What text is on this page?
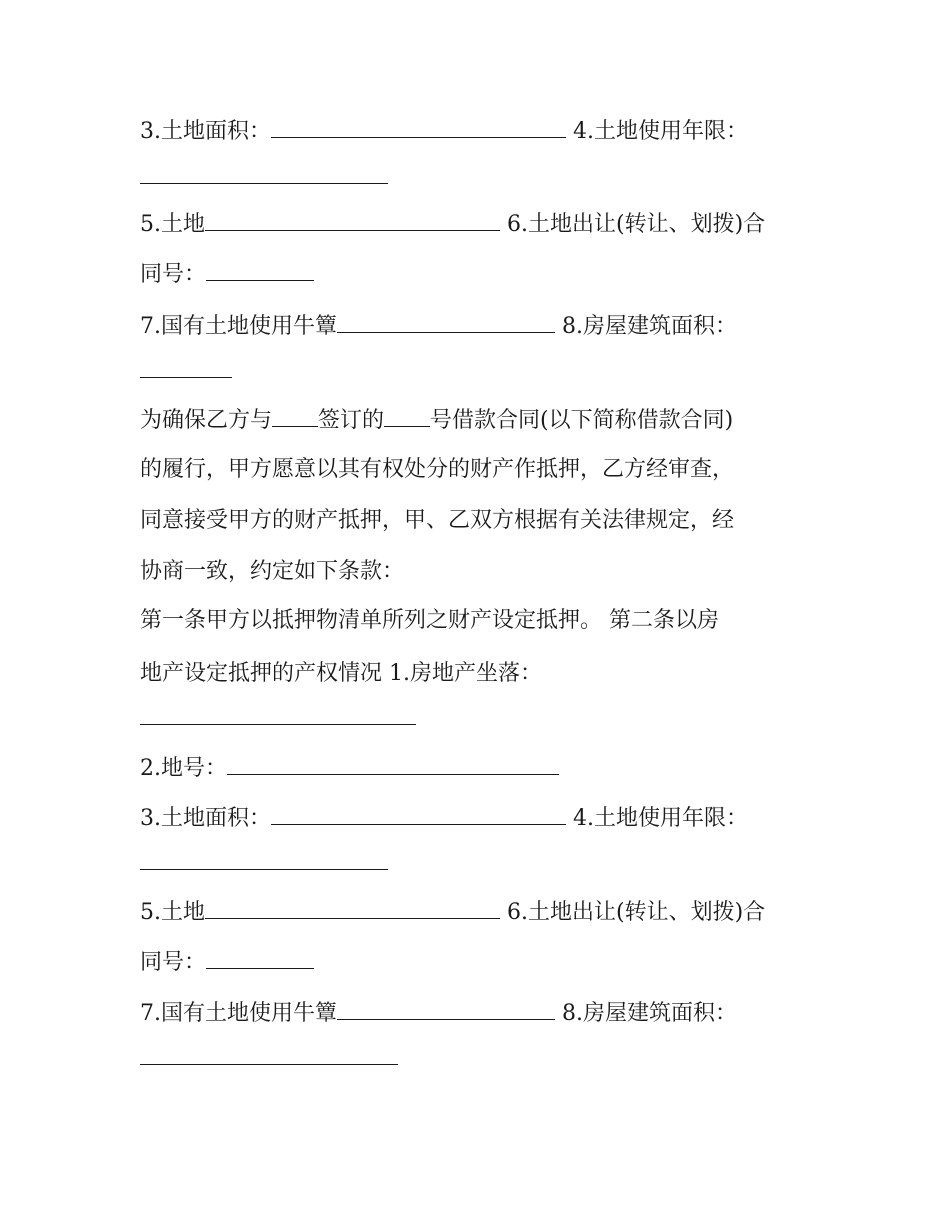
3.土地面积：	4.土地使用年限：
5.土地	6.土地出让(转让、划拨)合
同号：
7.国有土地使用牛簟	8.房屋建筑面积：
为确保乙方与 签订的 号借款合同(以下简称借款合同)
的履行，甲方愿意以其有权处分的财产作抵押，乙方经审查，
同意接受甲方的财产抵押，甲、乙双方根据有关法律规定，经
协商一致，约定如下条款：
第一条甲方以抵押物清单所列之财产设定抵押。 第二条以房
地产设定抵押的产权情况 1.房地产坐落：
2.地号：
3.土地面积：	4.土地使用年限：
5.土地	6.土地出让(转让、划拨)合
同号：
7.国有土地使用牛簟	8.房屋建筑面积：
